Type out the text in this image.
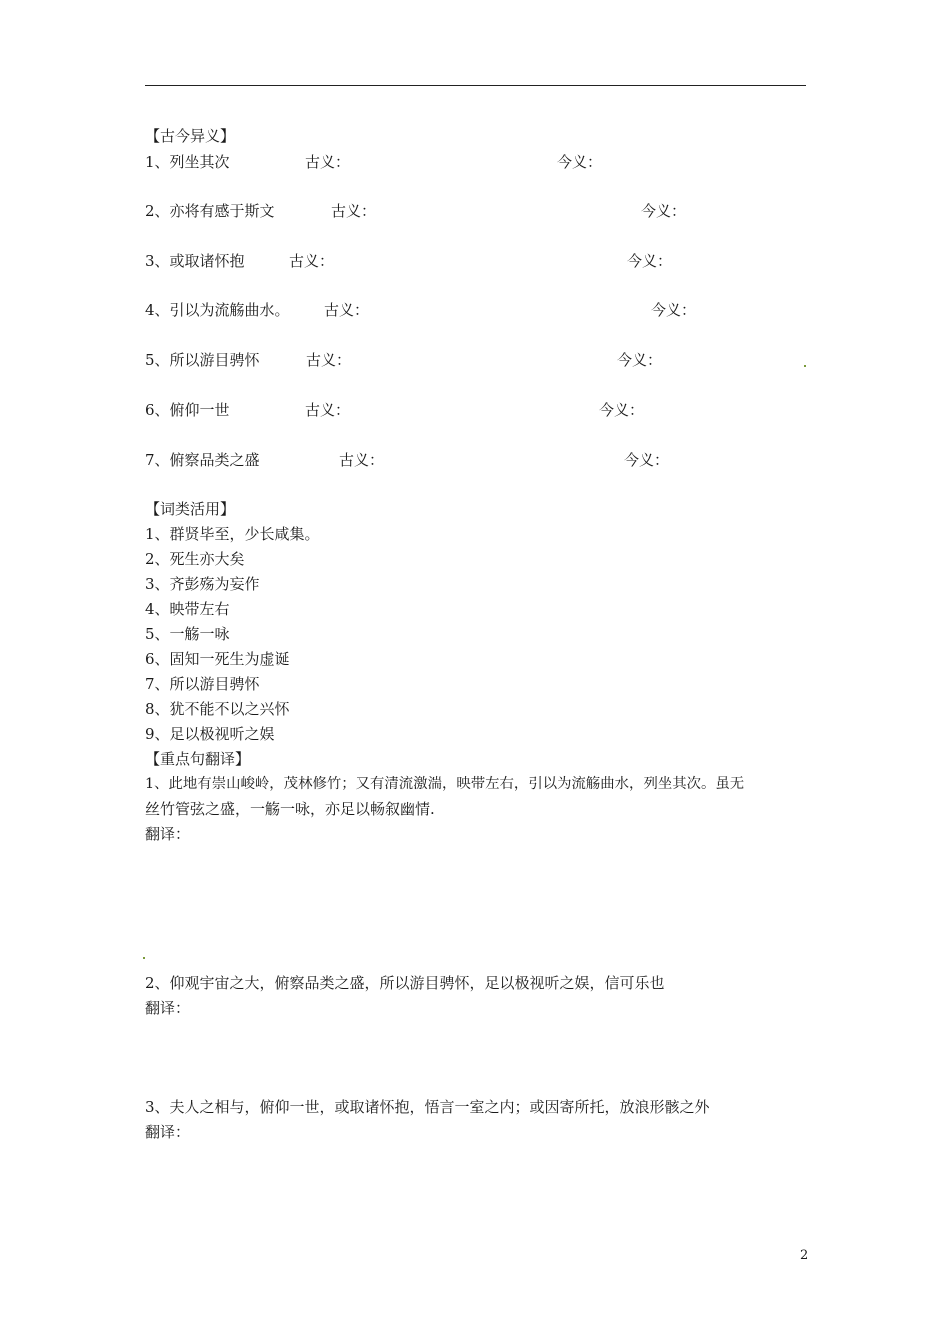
【古今异义】
1、列坐其次	古义：	今义：
2、亦将有感于斯文	古义：	今义：
3、或取诸怀抱	古义：	今义：
4、引以为流觞曲水。 古义：	今义：
5、所以游目骋怀	古义：	今义：
6、俯仰一世	古义：	今义：
7、俯察品类之盛	古义：	今义：
【词类活用】
1、群贤毕至，少长咸集。
2、死生亦大矣
3、齐彭殇为妄作
4、映带左右
5、一觞一咏
6、固知一死生为虚诞
7、所以游目骋怀
8、犹不能不以之兴怀
9、足以极视听之娱
【重点句翻译】
1、此地有崇山峻岭，茂林修竹；又有清流激湍，映带左右，引以为流觞曲水，列坐其次。虽无
丝竹管弦之盛，一觞一咏，亦足以畅叙幽情.
翻译：
2、仰观宇宙之大，俯察品类之盛，所以游目骋怀，足以极视听之娱，信可乐也
翻译：
3、夫人之相与，俯仰一世，或取诸怀抱，悟言一室之内；或因寄所托，放浪形骸之外
翻译：
2
